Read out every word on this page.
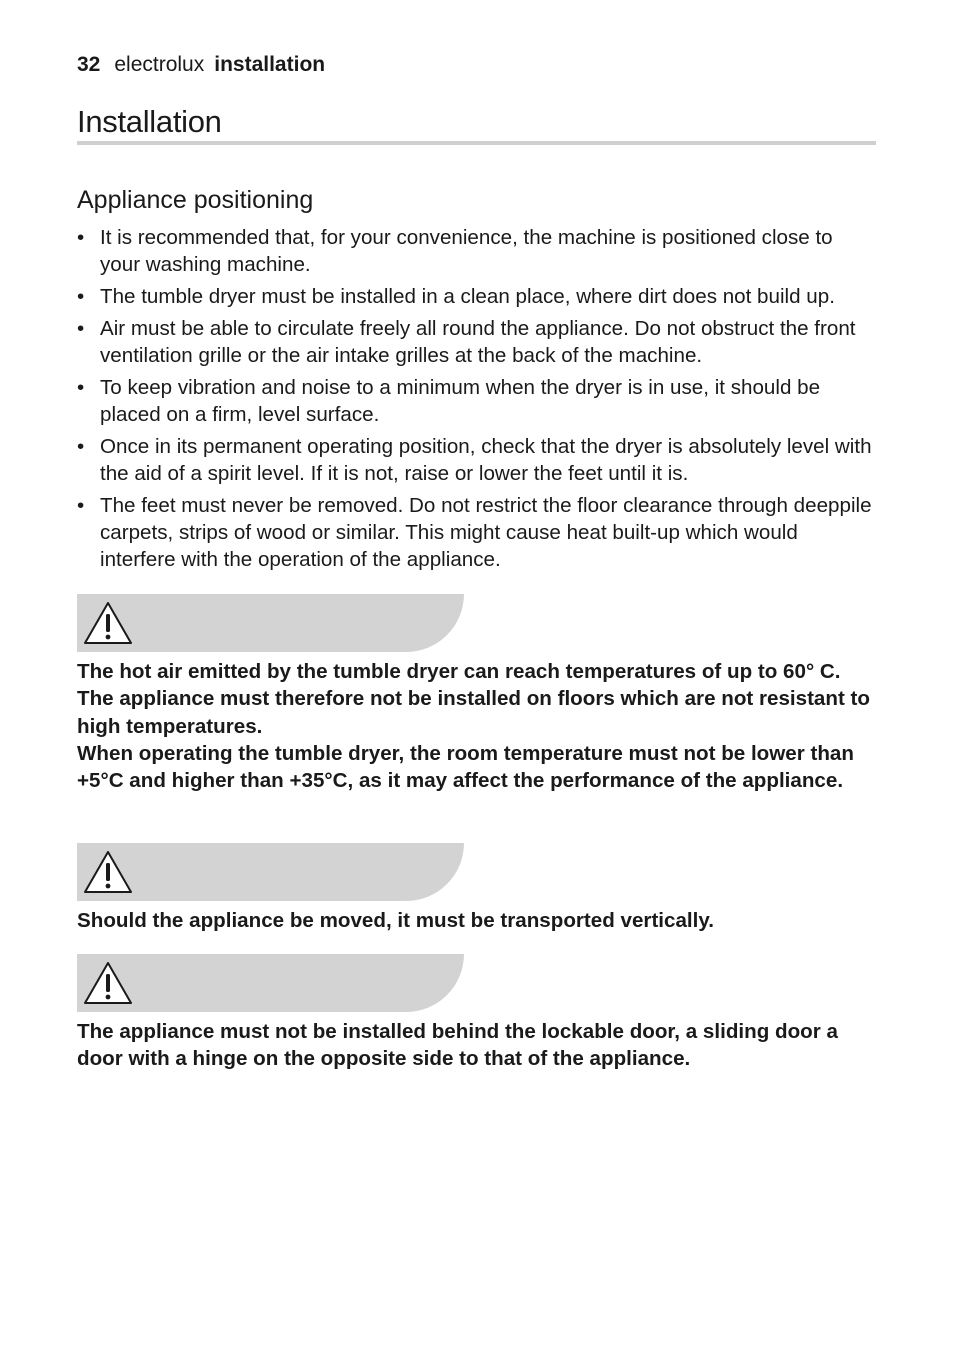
32 electrolux installation
Installation
Appliance positioning
• It is recommended that, for your convenience, the machine is positioned close to your washing machine.
• The tumble dryer must be installed in a clean place, where dirt does not build up.
• Air must be able to circulate freely all round the appliance. Do not obstruct the front ventilation grille or the air intake grilles at the back of the machine.
• To keep vibration and noise to a minimum when the dryer is in use, it should be placed on a firm, level surface.
• Once in its permanent operating position, check that the dryer is absolutely level with the aid of a spirit level. If it is not, raise or lower the feet until it is.
• The feet must never be removed. Do not restrict the floor clearance through deeppile carpets, strips of wood or similar. This might cause heat built-up which would interfere with the operation of the appliance.
The hot air emitted by the tumble dryer can reach temperatures of up to 60° C. The appliance must therefore not be installed on floors which are not resistant to high temperatures.
When operating the tumble dryer, the room temperature must not be lower than +5°C and higher than +35°C, as it may affect the performance of the appliance.
Should the appliance be moved, it must be transported vertically.
The appliance must not be installed behind the lockable door, a sliding door a door with a hinge on the opposite side to that of the appliance.
